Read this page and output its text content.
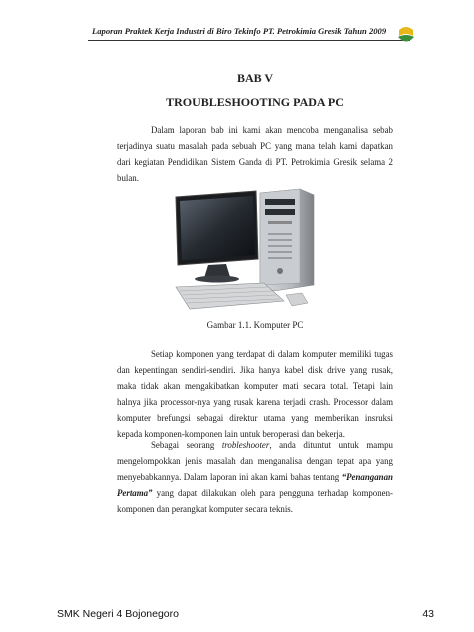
Laporan Praktek Kerja Industri di Biro Tekinfo PT. Petrokimia Gresik Tahun 2009
BAB V
TROUBLESHOOTING PADA PC

Dalam laporan bab ini kami akan mencoba menganalisa sebab terjadinya suatu masalah pada sebuah PC yang mana telah kami dapatkan dari kegiatan Pendidikan Sistem Ganda di PT. Petrokimia Gresik selama 2 bulan.

Gambar 1.1. Komputer PC

Setiap komponen yang terdapat di dalam komputer memiliki tugas dan kepentingan sendiri-sendiri. Jika hanya kabel disk drive yang rusak, maka tidak akan mengakibatkan komputer mati secara total. Tetapi lain halnya jika processor-nya yang rusak karena terjadi crash. Processor dalam komputer brefungsi sebagai direktur utama yang memberikan insruksi kepada komponen-komponen lain untuk beroperasi dan bekerja.

Sebagai seorang trobleshooter, anda dituntut untuk mampu mengelompokkan jenis masalah dan menganalisa dengan tepat apa yang menyebabkannya. Dalam laporan ini akan kami bahas tentang “Penanganan Pertama” yang dapat dilakukan oleh para pengguna terhadap komponen-komponen dan perangkat komputer secara teknis.

SMK Negeri 4 Bojonegoro	43
